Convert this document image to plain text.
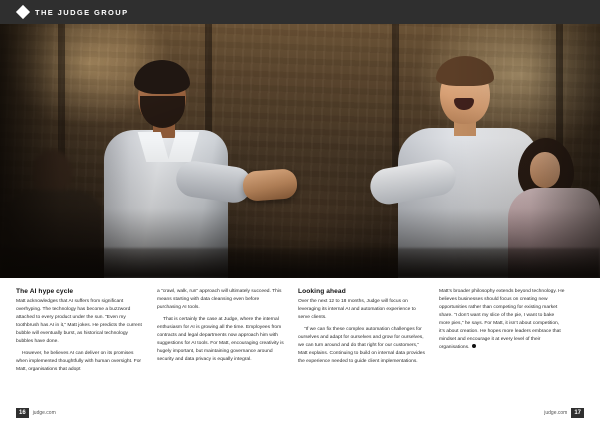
THE JUDGE GROUP
The AI hype cycle

Matt acknowledges that AI suffers from significant overhyping. The technology has become a buzzword attached to every product under the sun. “Even my toothbrush has AI in it,” Matt jokes. He predicts the current bubble will eventually burst, as historical technology bubbles have done.

However, he believes AI can deliver on its promises when implemented thoughtfully with human oversight. For Matt, organisations that adopt

a “crawl, walk, run” approach will ultimately succeed. This means starting with data cleansing even before purchasing AI tools.

That is certainly the case at Judge, where the internal enthusiasm for AI is growing all the time. Employees from contracts and legal departments now approach him with suggestions for AI tools. For Matt, encouraging creativity is hugely important, but maintaining governance around security and data privacy is equally integral.

Looking ahead

Over the next 12 to 18 months, Judge will focus on leveraging its internal AI and automation experience to serve clients.

“If we can fix these complex automation challenges for ourselves and adapt for ourselves and grow for ourselves, we can turn around and do that right for our customers,” Matt explains. Continuing to build on internal data provides the experience needed to guide client implementations.

Matt’s broader philosophy extends beyond technology. He believes businesses should focus on creating new opportunities rather than competing for existing market share. “I don’t want my slice of the pie, I want to bake more pies,” he says. For Matt, it isn’t about competition, it’s about creation. He hopes more leaders embrace that mindset and encourage it at every level of their organisations.

16	judge.com	judge.com	17
